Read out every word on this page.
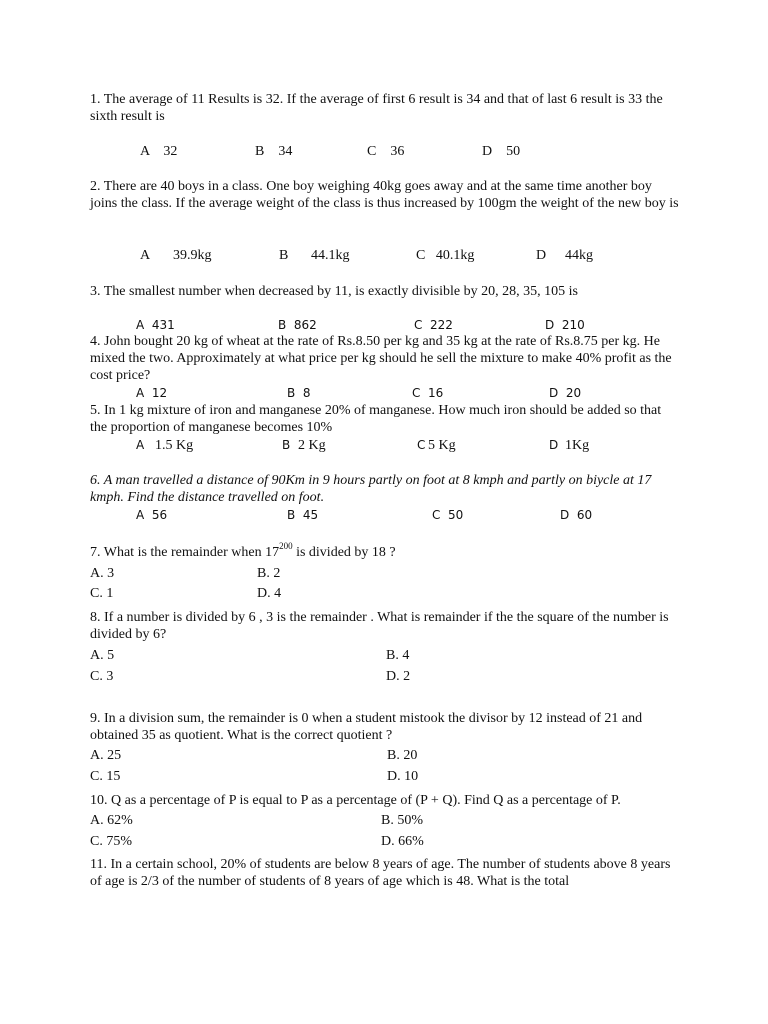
1. The average of 11 Results is 32. If the average of first 6 result is 34 and that of last 6 result is 33 the sixth result is
A    32	B    34	C    36	D    50
2. There are 40 boys in a class. One boy weighing 40kg goes away and at the same time another boy joins the class. If the average weight of the class is thus increased by 100gm the weight of the new boy is
A 39.9kg	B 44.1kg	C   40.1kg	D 44kg
3. The smallest number when decreased by 11, is exactly divisible by 20, 28, 35, 105 is
A  431	B  862	C  222	D  210
4. John bought 20 kg of wheat at the rate of Rs.8.50 per kg and 35 kg at the rate of Rs.8.75 per kg. He mixed the two. Approximately at what price per kg should he sell the mixture to make 40% profit as the cost price?
A  12	B  8	C  16	D  20
5. In 1 kg mixture of iron and manganese 20% of manganese. How much iron should be added so that the proportion of manganese becomes 10%
A 1.5 Kg	B 2 Kg	C 5 Kg	D 1Kg
6. A man travelled a distance of 90Km in 9 hours partly on foot at 8 kmph and partly on biycle at 17 kmph. Find the distance travelled on foot.
A  56	B  45	C  50	D  60
7. What is the remainder when $17^{200}$ is divided by 18 ?
A. 3	B. 2
C. 1	D. 4
8. If a number is divided by 6 , 3 is the remainder . What is remainder if the the square of the number is divided by 6?
A. 5	B. 4
C. 3	D. 2
9. In a division sum, the remainder is 0 when a student mistook the divisor by 12 instead of 21 and obtained 35 as quotient. What is the correct quotient ?
A. 25	B. 20
C. 15	D. 10
10. Q as a percentage of P is equal to P as a percentage of (P + Q). Find Q as a percentage of P.
A. 62%	B. 50%
C. 75%	D. 66%
11. In a certain school, 20% of students are below 8 years of age. The number of students above 8 years of age is 2/3 of the number of students of 8 years of age which is 48. What is the total
